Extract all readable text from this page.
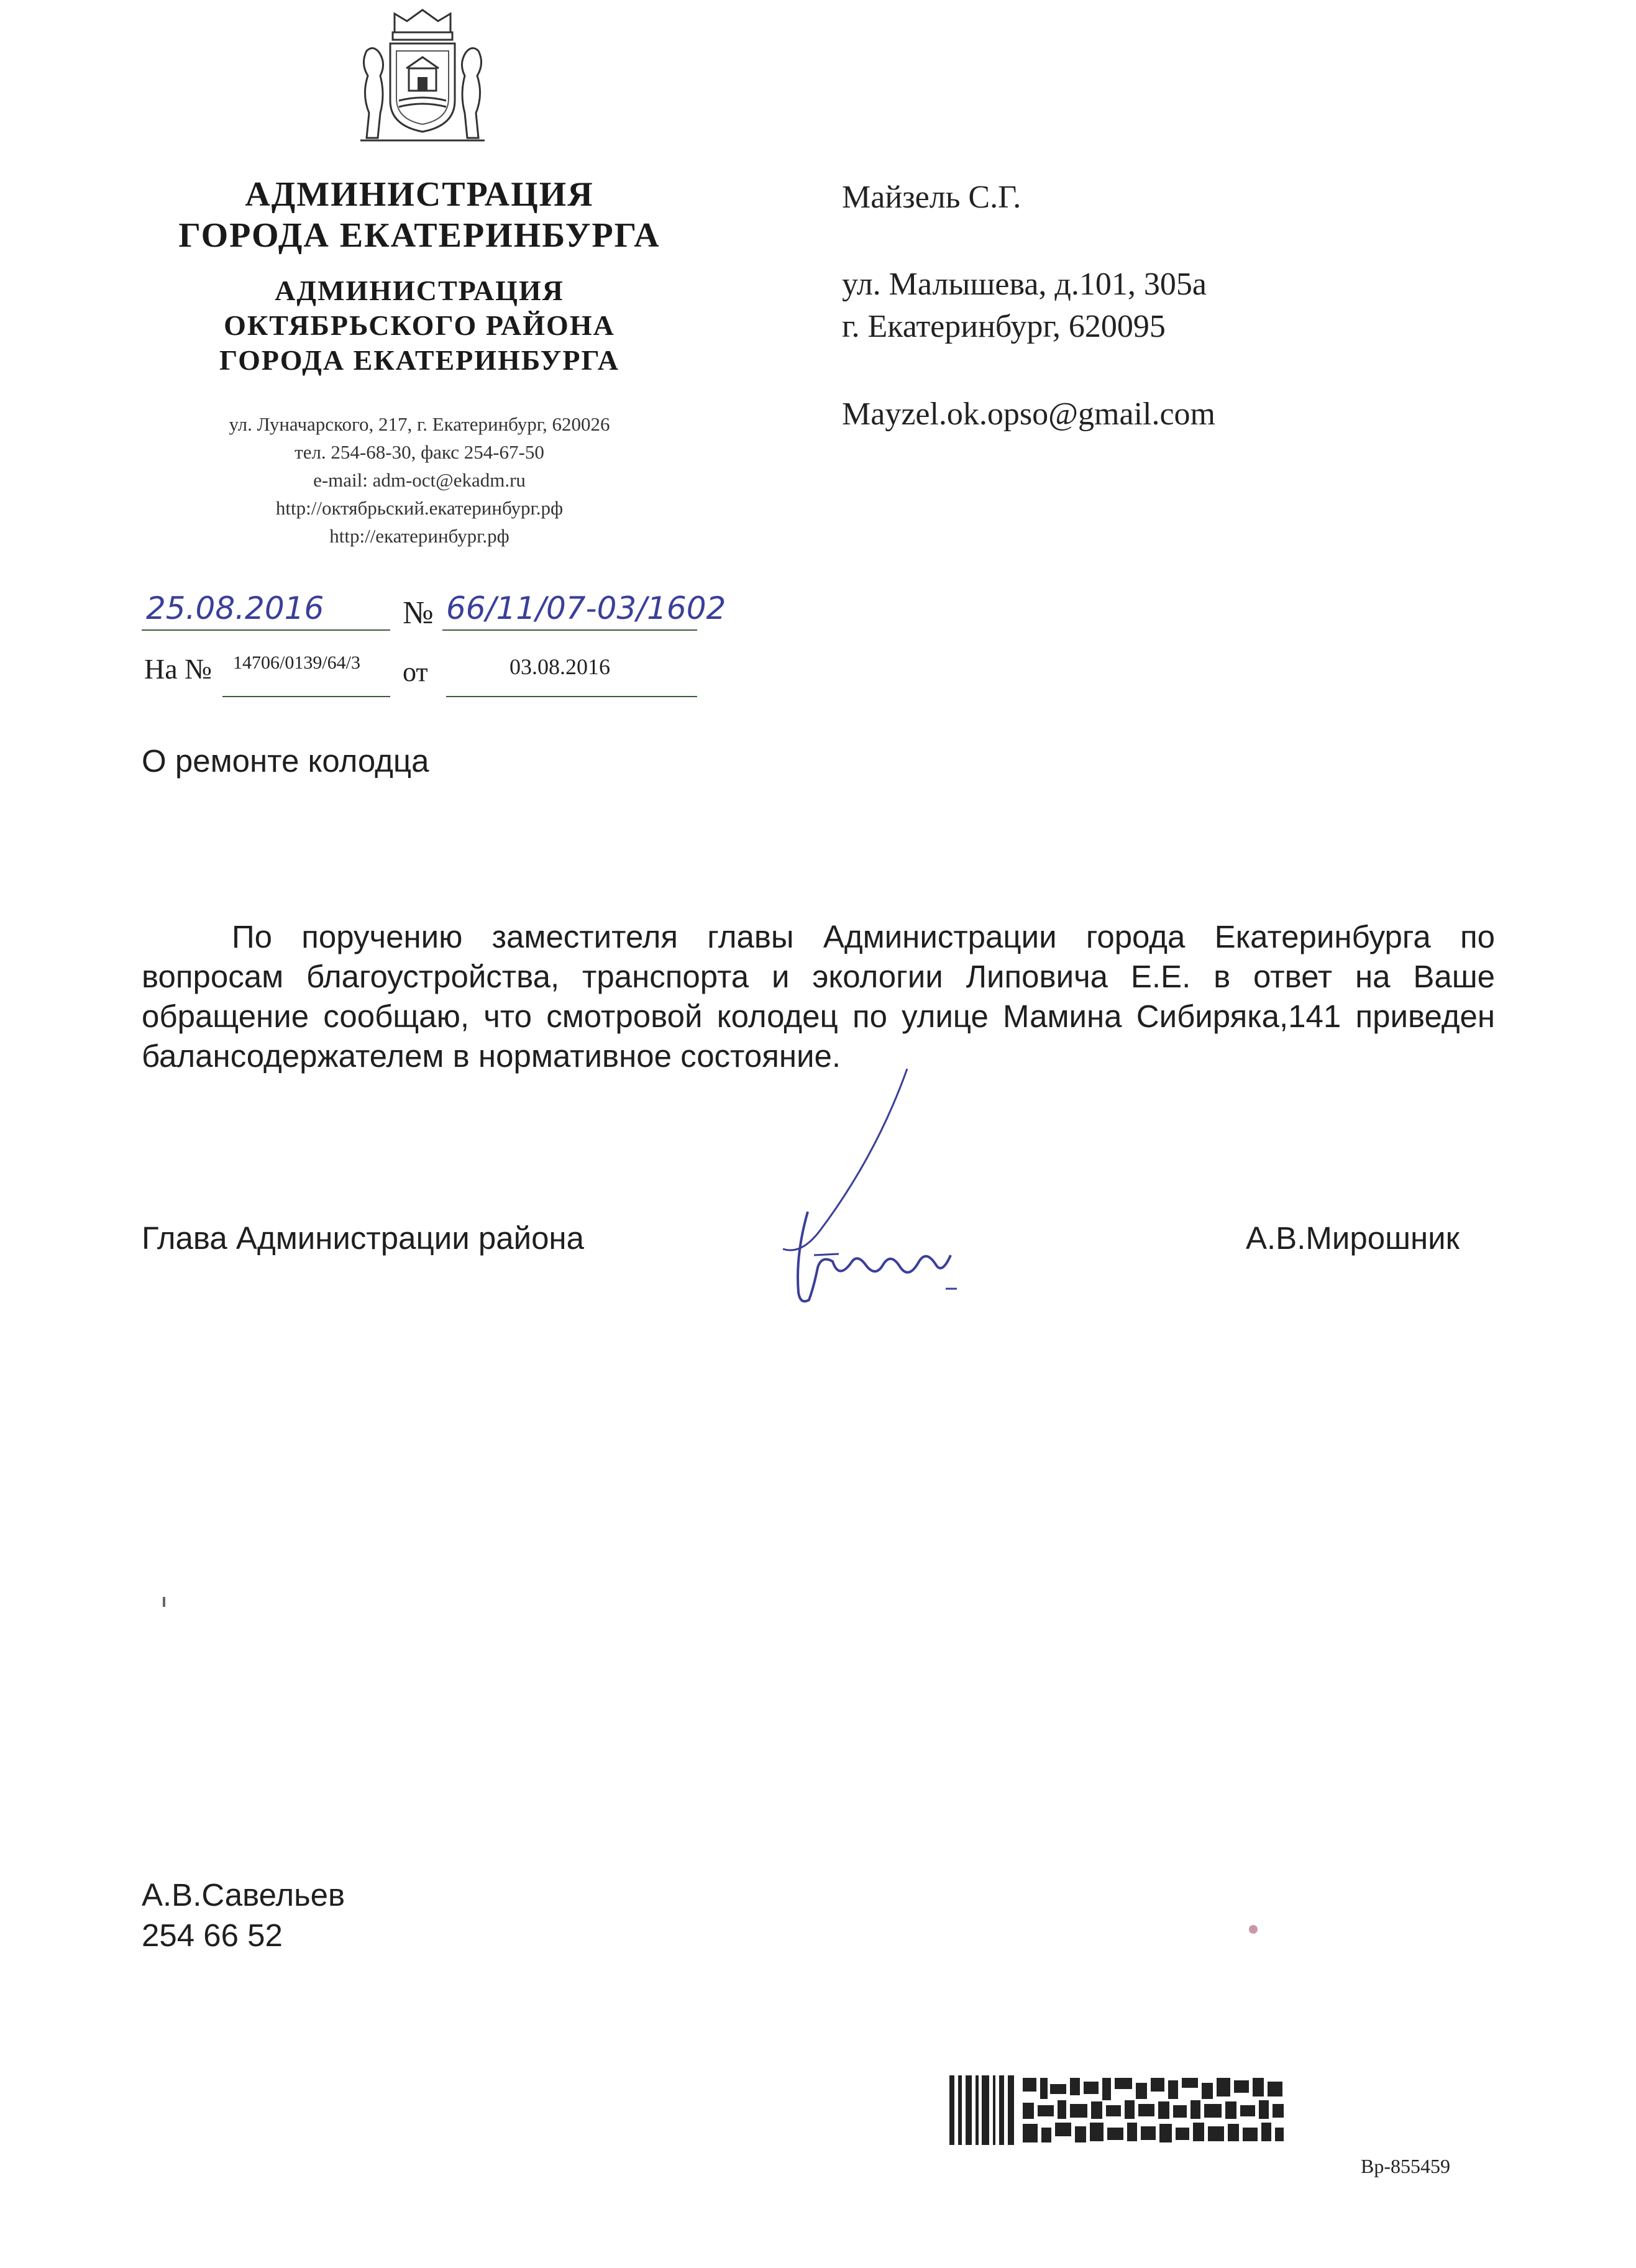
АДМИНИСТРАЦИЯ
ГОРОДА ЕКАТЕРИНБУРГА
АДМИНИСТРАЦИЯ
ОКТЯБРЬСКОГО РАЙОНА
ГОРОДА ЕКАТЕРИНБУРГА
ул. Луначарского, 217, г. Екатеринбург, 620026
тел. 254-68-30, факс 254-67-50
e-mail: adm-oct@ekadm.ru
http://октябрьский.екатеринбург.рф
http://екатеринбург.рф
Майзель С.Г.
ул. Малышева, д.101, 305а
г. Екатеринбург, 620095
Mayzel.ok.opso@gmail.com
25.08.2016 № 66/11/07-03/1602
На № 14706/0139/64/3 от	03.08.2016
О ремонте колодца
По поручению заместителя главы Администрации города Екатеринбурга по вопросам благоустройства, транспорта и экологии Липовича Е.Е. в ответ на Ваше обращение сообщаю, что смотровой колодец по улице Мамина Сибиряка,141 приведен балансодержателем в нормативное состояние.
Глава Администрации района	А.В.Мирошник
А.В.Савельев
254 66 52
Вр-855459
